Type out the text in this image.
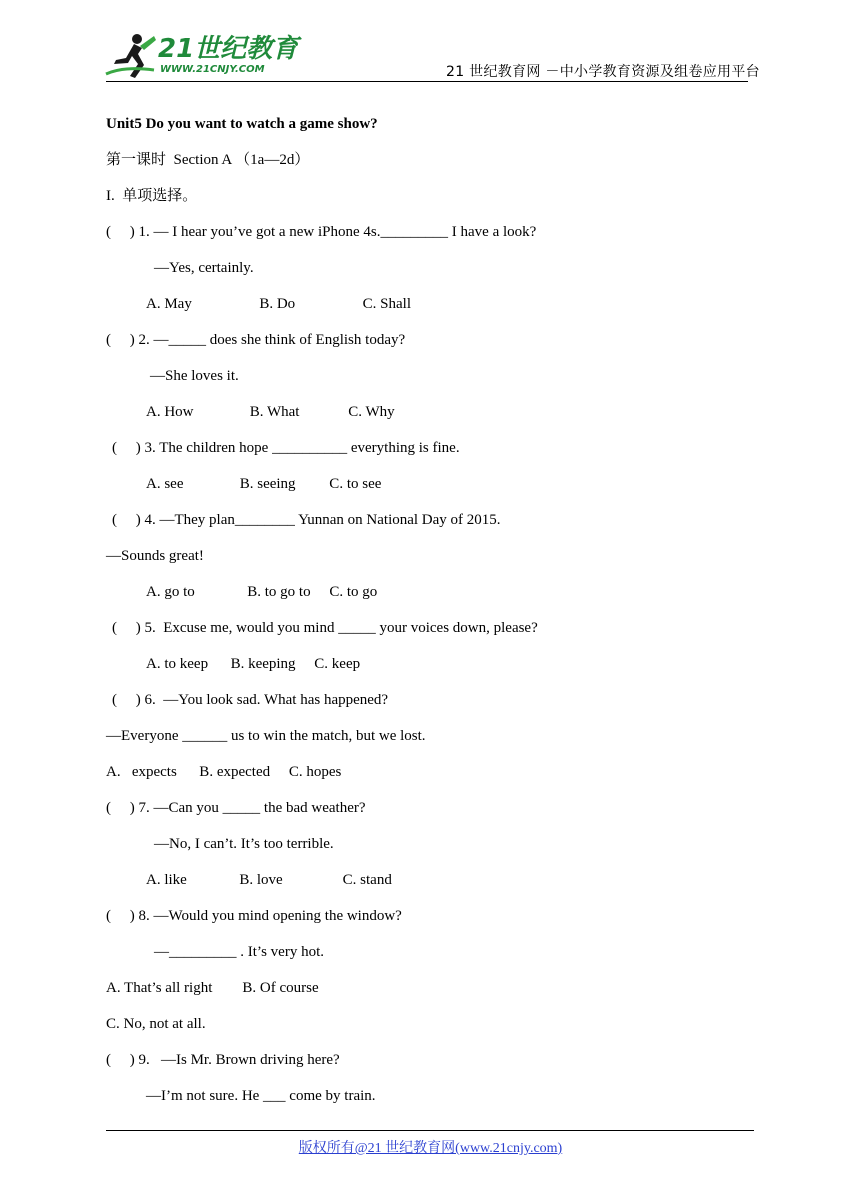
21世纪教育
WWW.21CNJY.COM	21 世纪教育网 －中小学教育资源及组卷应用平台
Unit5 Do you want to watch a game show?
第一课时  Section A （1a—2d）
I.  单项选择。
(     ) 1. — I hear you’ve got a new iPhone 4s._________ I have a look?
—Yes, certainly.
A. May                  B. Do                  C. Shall
(     ) 2. —_____ does she think of English today?
—She loves it.
A. How               B. What             C. Why
(     ) 3. The children hope __________ everything is fine.
A. see               B. seeing         C. to see
(     ) 4. —They plan________ Yunnan on National Day of 2015.
—Sounds great!
A. go to              B. to go to     C. to go
(     ) 5.  Excuse me, would you mind _____ your voices down, please?
A. to keep      B. keeping     C. keep
(     ) 6.  —You look sad. What has happened?
—Everyone ______ us to win the match, but we lost.
A.   expects      B. expected     C. hopes
(     ) 7. —Can you _____ the bad weather?
—No, I can’t. It’s too terrible.
A. like              B. love                C. stand
(     ) 8. —Would you mind opening the window?
—_________ . It’s very hot.
A. That’s all right        B. Of course
C. No, not at all.
(     ) 9.   —Is Mr. Brown driving here?
—I’m not sure. He ___ come by train.
版权所有@21 世纪教育网(www.21cnjy.com)
